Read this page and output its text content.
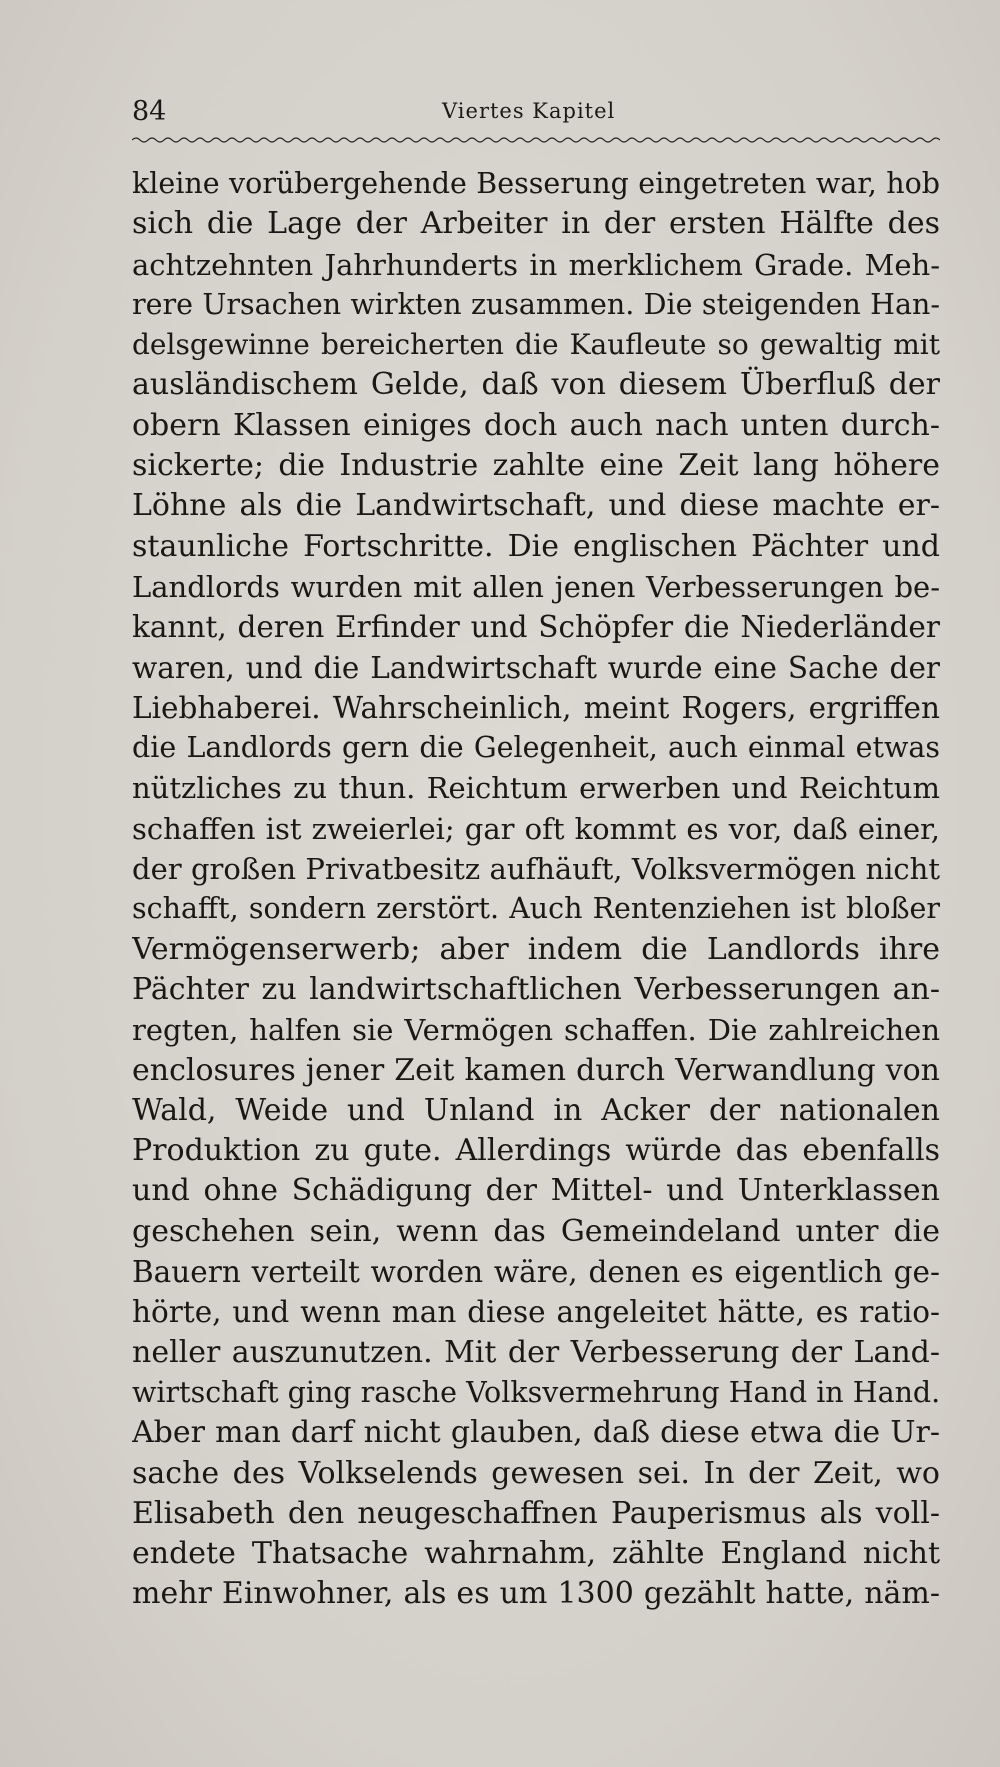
84	Viertes Kapitel
kleine vorübergehende Besserung eingetreten war, hob
sich die Lage der Arbeiter in der ersten Hälfte des
achtzehnten Jahrhunderts in merklichem Grade. Meh-
rere Ursachen wirkten zusammen. Die steigenden Han-
delsgewinne bereicherten die Kaufleute so gewaltig mit
ausländischem Gelde, daß von diesem Überfluß der
obern Klassen einiges doch auch nach unten durch-
sickerte; die Industrie zahlte eine Zeit lang höhere
Löhne als die Landwirtschaft, und diese machte er-
staunliche Fortschritte. Die englischen Pächter und
Landlords wurden mit allen jenen Verbesserungen be-
kannt, deren Erfinder und Schöpfer die Niederländer
waren, und die Landwirtschaft wurde eine Sache der
Liebhaberei. Wahrscheinlich, meint Rogers, ergriffen
die Landlords gern die Gelegenheit, auch einmal etwas
nützliches zu thun. Reichtum erwerben und Reichtum
schaffen ist zweierlei; gar oft kommt es vor, daß einer,
der großen Privatbesitz aufhäuft, Volksvermögen nicht
schafft, sondern zerstört. Auch Rentenziehen ist bloßer
Vermögenserwerb; aber indem die Landlords ihre
Pächter zu landwirtschaftlichen Verbesserungen an-
regten, halfen sie Vermögen schaffen. Die zahlreichen
enclosures jener Zeit kamen durch Verwandlung von
Wald, Weide und Unland in Acker der nationalen
Produktion zu gute. Allerdings würde das ebenfalls
und ohne Schädigung der Mittel- und Unterklassen
geschehen sein, wenn das Gemeindeland unter die
Bauern verteilt worden wäre, denen es eigentlich ge-
hörte, und wenn man diese angeleitet hätte, es ratio-
neller auszunutzen. Mit der Verbesserung der Land-
wirtschaft ging rasche Volksvermehrung Hand in Hand.
Aber man darf nicht glauben, daß diese etwa die Ur-
sache des Volkselends gewesen sei. In der Zeit, wo
Elisabeth den neugeschaffnen Pauperismus als voll-
endete Thatsache wahrnahm, zählte England nicht
mehr Einwohner, als es um 1300 gezählt hatte, näm-
